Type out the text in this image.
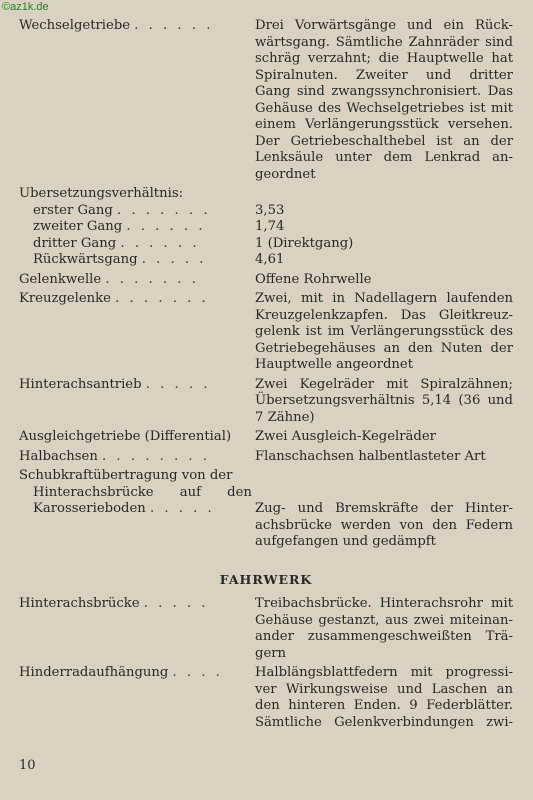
©az1k.de
Wechselgetriebe . . . . . .	Drei Vorwärtsgänge und ein Rück-
wärtsgang. Sämtliche Zahnräder sind
schräg verzahnt; die Hauptwelle hat
Spiralnuten. Zweiter und dritter
Gang sind zwangssynchronisiert. Das
Gehäuse des Wechselgetriebes ist mit
einem Verlängerungsstück versehen.
Der Getriebeschalthebel ist an der
Lenksäule unter dem Lenkrad an-
geordnet
Übersetzungsverhältnis:

erster Gang . . . . . . .	3,53
zweiter Gang . . . . . .	1,74
dritter Gang . . . . . .	1 (Direktgang)
Rückwärtsgang . . . . .	4,61
Gelenkwelle . . . . . . .	Offene Rohrwelle
Kreuzgelenke . . . . . . .	Zwei, mit in Nadellagern laufenden
Kreuzgelenkzapfen. Das Gleitkreuz-
gelenk ist im Verlängerungsstück des
Getriebegehäuses an den Nuten der
Hauptwelle angeordnet
Hinterachsantrieb . . . . .	Zwei Kegelräder mit Spiralzähnen;
Übersetzungsverhältnis 5,14 (36 und
7 Zähne)
Ausgleichgetriebe (Differential)	Zwei Ausgleich-Kegelräder
Halbachsen . . . . . . . .	Flanschachsen halbentlasteter Art
Schubkraftübertragung von der
Hinterachsbrücke auf den
Karosserieboden . . . . .	Zug- und Bremskräfte der Hinter-
achsbrücke werden von den Federn
aufgefangen und gedämpft
FAHRWERK
Hinterachsbrücke . . . . .	Treibachsbrücke. Hinterachsrohr mit
Gehäuse gestanzt, aus zwei miteinan-
ander zusammengeschweißten Trä-
gern
Hinderradaufhängung . . . .	Halblängsblattfedern mit progressi-
ver Wirkungsweise und Laschen an
den hinteren Enden. 9 Federblätter.
Sämtliche Gelenkverbindungen zwi-
10
